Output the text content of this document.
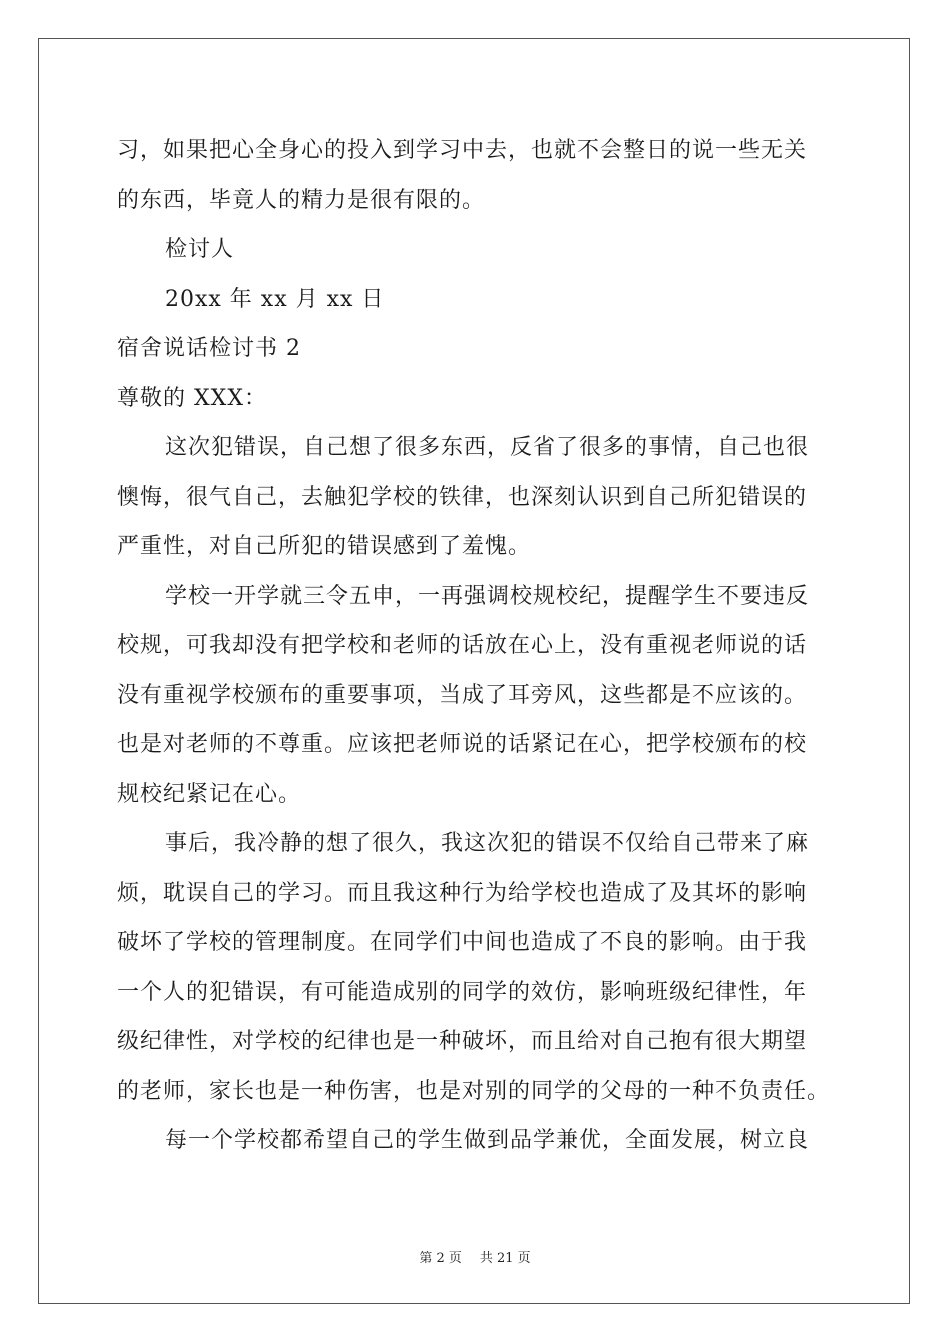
习，如果把心全身心的投入到学习中去，也就不会整日的说一些无关
的东西，毕竟人的精力是很有限的。
检讨人
20xx 年 xx 月 xx 日
宿舍说话检讨书 2
尊敬的 XXX：
这次犯错误，自己想了很多东西，反省了很多的事情，自己也很
懊悔，很气自己，去触犯学校的铁律，也深刻认识到自己所犯错误的
严重性，对自己所犯的错误感到了羞愧。
学校一开学就三令五申，一再强调校规校纪，提醒学生不要违反
校规，可我却没有把学校和老师的话放在心上，没有重视老师说的话
没有重视学校颁布的重要事项，当成了耳旁风，这些都是不应该的。
也是对老师的不尊重。应该把老师说的话紧记在心，把学校颁布的校
规校纪紧记在心。
事后，我冷静的想了很久，我这次犯的错误不仅给自己带来了麻
烦，耽误自己的学习。而且我这种行为给学校也造成了及其坏的影响
破坏了学校的管理制度。在同学们中间也造成了不良的影响。由于我
一个人的犯错误，有可能造成别的同学的效仿，影响班级纪律性，年
级纪律性，对学校的纪律也是一种破坏，而且给对自己抱有很大期望
的老师，家长也是一种伤害，也是对别的同学的父母的一种不负责任。
每一个学校都希望自己的学生做到品学兼优，全面发展，树立良
第 2 页 共 21 页
